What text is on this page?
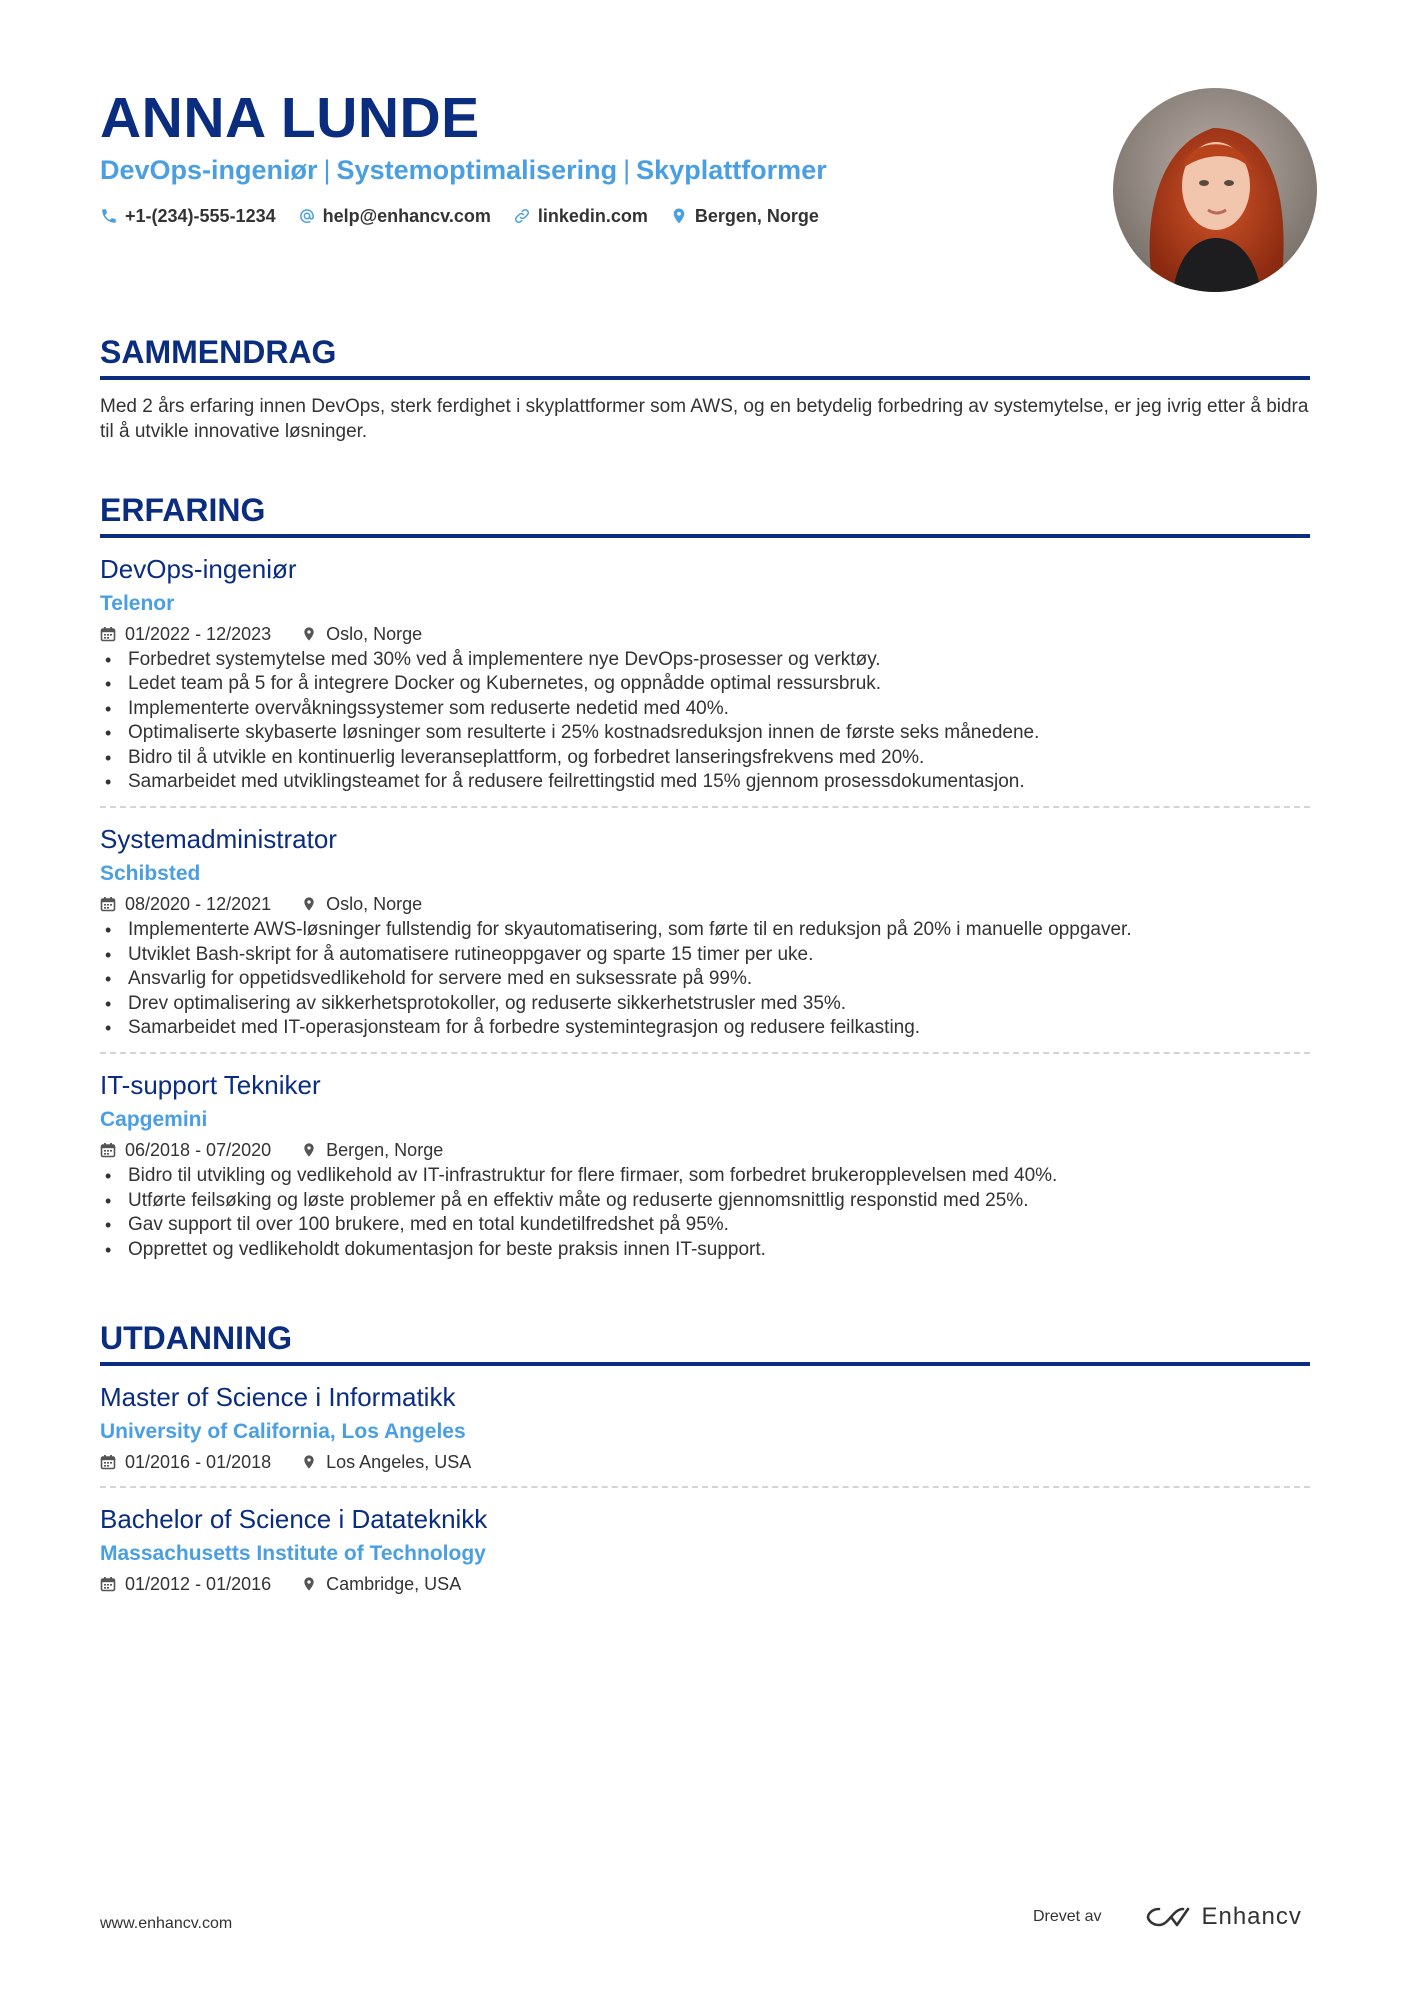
ANNA LUNDE
DevOps-ingeniør | Systemoptimalisering | Skyplattformer
+1-(234)-555-1234	help@enhancv.com	linkedin.com	Bergen, Norge
SAMMENDRAG
Med 2 års erfaring innen DevOps, sterk ferdighet i skyplattformer som AWS, og en betydelig forbedring av systemytelse, er jeg ivrig etter å bidra til å utvikle innovative løsninger.
ERFARING
DevOps-ingeniør
Telenor
01/2022 - 12/2023	Oslo, Norge
• Forbedret systemytelse med 30% ved å implementere nye DevOps-prosesser og verktøy.
• Ledet team på 5 for å integrere Docker og Kubernetes, og oppnådde optimal ressursbruk.
• Implementerte overvåkningssystemer som reduserte nedetid med 40%.
• Optimaliserte skybaserte løsninger som resulterte i 25% kostnadsreduksjon innen de første seks månedene.
• Bidro til å utvikle en kontinuerlig leveranseplattform, og forbedret lanseringsfrekvens med 20%.
• Samarbeidet med utviklingsteamet for å redusere feilrettingstid med 15% gjennom prosessdokumentasjon.
Systemadministrator
Schibsted
08/2020 - 12/2021	Oslo, Norge
• Implementerte AWS-løsninger fullstendig for skyautomatisering, som førte til en reduksjon på 20% i manuelle oppgaver.
• Utviklet Bash-skript for å automatisere rutineoppgaver og sparte 15 timer per uke.
• Ansvarlig for oppetidsvedlikehold for servere med en suksessrate på 99%.
• Drev optimalisering av sikkerhetsprotokoller, og reduserte sikkerhetstrusler med 35%.
• Samarbeidet med IT-operasjonsteam for å forbedre systemintegrasjon og redusere feilkasting.
IT-support Tekniker
Capgemini
06/2018 - 07/2020	Bergen, Norge
• Bidro til utvikling og vedlikehold av IT-infrastruktur for flere firmaer, som forbedret brukeropplevelsen med 40%.
• Utførte feilsøking og løste problemer på en effektiv måte og reduserte gjennomsnittlig responstid med 25%.
• Gav support til over 100 brukere, med en total kundetilfredshet på 95%.
• Opprettet og vedlikeholdt dokumentasjon for beste praksis innen IT-support.
UTDANNING
Master of Science i Informatikk
University of California, Los Angeles
01/2016 - 01/2018	Los Angeles, USA
Bachelor of Science i Datateknikk
Massachusetts Institute of Technology
01/2012 - 01/2016	Cambridge, USA
www.enhancv.com	Drevet av	Enhancv
